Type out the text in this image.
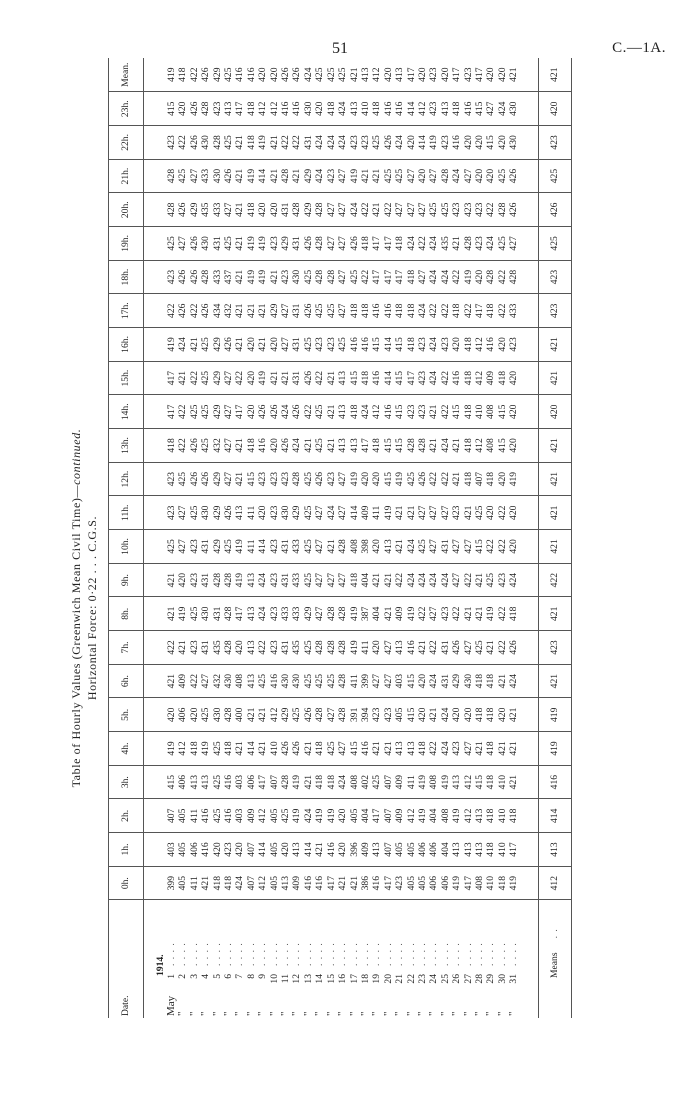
51	C.—1A.
Table of Hourly Values (Greenwich Mean Civil Time)—continued.
Horizontal Force: 0·22 . . . C.G.S.
Date.	0h.	1h.	2h.	3h.	4h.	5h.	6h.	7h.	8h.	9h.	10h.	11h.	12h.	13h.	14h.	15h.	16h.	17h.	18h.	19h.	20h.	21h.	22h.	23h.	Mean.
1914.																									
May1. . . .	399	403	407	415	419	420	421	422	421	421	425	423	423	418	417	417	419	422	423	425	428	428	423	415	419
"2. . . .	405	405	405	406	412	406	409	421	419	420	427	427	425	422	422	421	424	426	426	427	426	425	422	420	418
"3. . . .	411	406	411	413	418	420	422	423	425	423	423	425	426	426	425	422	421	422	426	426	429	427	426	426	422
"4. . . .	421	416	416	413	419	425	427	431	430	431	431	430	426	425	425	425	425	426	428	430	435	433	430	428	426
"5. . . .	418	420	425	425	425	430	432	435	431	428	429	429	429	432	429	429	429	434	433	431	433	430	428	423	429
"6. . . .	418	423	416	416	418	428	430	428	428	428	425	426	427	427	427	427	426	432	437	425	427	426	425	413	425
"7. . . .	424	420	403	403	421	400	408	420	417	419	419	413	421	421	417	422	421	421	421	421	421	421	421	417	416
"8. . . .	407	407	409	406	414	421	413	413	413	413	411	411	415	418	420	420	420	421	419	419	418	419	418	418	416
"9. . . .	412	414	412	417	421	421	425	422	424	424	414	420	423	416	426	419	421	421	419	419	420	414	419	412	420
"10. . . .	405	405	405	407	410	412	416	423	423	423	423	423	423	420	426	421	420	429	421	423	420	421	421	412	420
"11. . . .	413	420	425	428	426	429	430	431	433	431	431	430	423	426	424	421	427	427	423	429	431	428	422	416	426
"12. . . .	409	413	419	419	426	425	430	435	433	433	433	429	428	424	426	431	431	431	430	431	428	421	422	416	426
"13. . . .	416	414	424	421	421	426	425	425	429	425	425	425	425	421	422	426	425	426	425	426	429	429	431	430	424
"14. . . .	416	421	419	418	418	428	425	428	427	427	427	427	426	425	425	422	423	425	428	428	428	424	424	420	425
"15. . . .	417	416	419	418	425	427	425	428	428	427	421	424	423	421	421	421	423	425	428	427	427	423	424	418	425
"16. . . .	421	420	420	424	427	428	428	428	428	427	428	427	427	413	413	413	425	427	427	427	427	427	424	424	425
"17. . . .	421	396	405	408	415	391	411	419	419	418	408	414	419	413	418	415	416	418	425	426	424	419	423	413	421
"18. . . .	386	409	404	402	416	394	399	411	387	404	398	409	420	417	424	418	416	418	422	418	422	421	423	410	413
"19. . . .	416	413	417	425	421	423	427	420	404	421	420	411	420	418	412	416	415	416	417	417	421	421	425	418	412
"20. . . .	417	407	407	407	421	423	427	427	421	421	413	419	415	415	416	414	414	416	417	417	422	425	426	416	420
"21. . . .	423	405	409	409	413	405	403	413	409	422	421	421	419	415	415	415	415	418	417	418	427	425	424	416	413
"22. . . .	405	405	412	411	413	415	415	416	419	424	424	421	425	428	423	417	418	418	418	424	427	427	420	414	417
"23. . . .	405	406	419	419	418	420	420	421	422	424	425	427	426	428	423	423	423	424	427	422	427	420	414	412	420
"24. . . .	406	406	404	408	422	421	424	422	427	424	427	427	422	421	421	424	424	422	424	424	425	427	419	423	423
"25. . . .	406	404	408	419	424	424	431	431	423	424	431	427	422	424	422	422	423	422	424	435	425	428	423	413	420
"26. . . .	419	413	419	413	423	420	429	426	422	427	427	423	421	421	415	416	420	418	422	421	423	424	416	418	417
"27. . . .	417	413	412	412	427	420	430	427	421	422	427	421	418	418	418	418	418	422	419	428	423	427	420	416	423
"28. . . .	408	413	413	415	421	418	418	425	421	421	415	425	407	412	410	412	412	417	420	423	423	420	420	415	417
"29. . . .	410	418	418	418	418	418	418	421	419	425	422	420	418	408	408	409	416	418	428	424	422	420	415	427	420
"30. . . .	418	410	410	410	421	420	421	422	422	423	422	422	420	415	415	418	420	422	422	425	428	425	420	424	420
"31. . . .	419	417	418	421	421	421	424	426	418	424	420	420	419	420	420	420	423	433	428	427	426	426	430	430	421

Means. .	412	413	414	416	419	419	421	423	421	422	421	421	421	421	420	421	421	423	423	425	426	425	423	420	421
